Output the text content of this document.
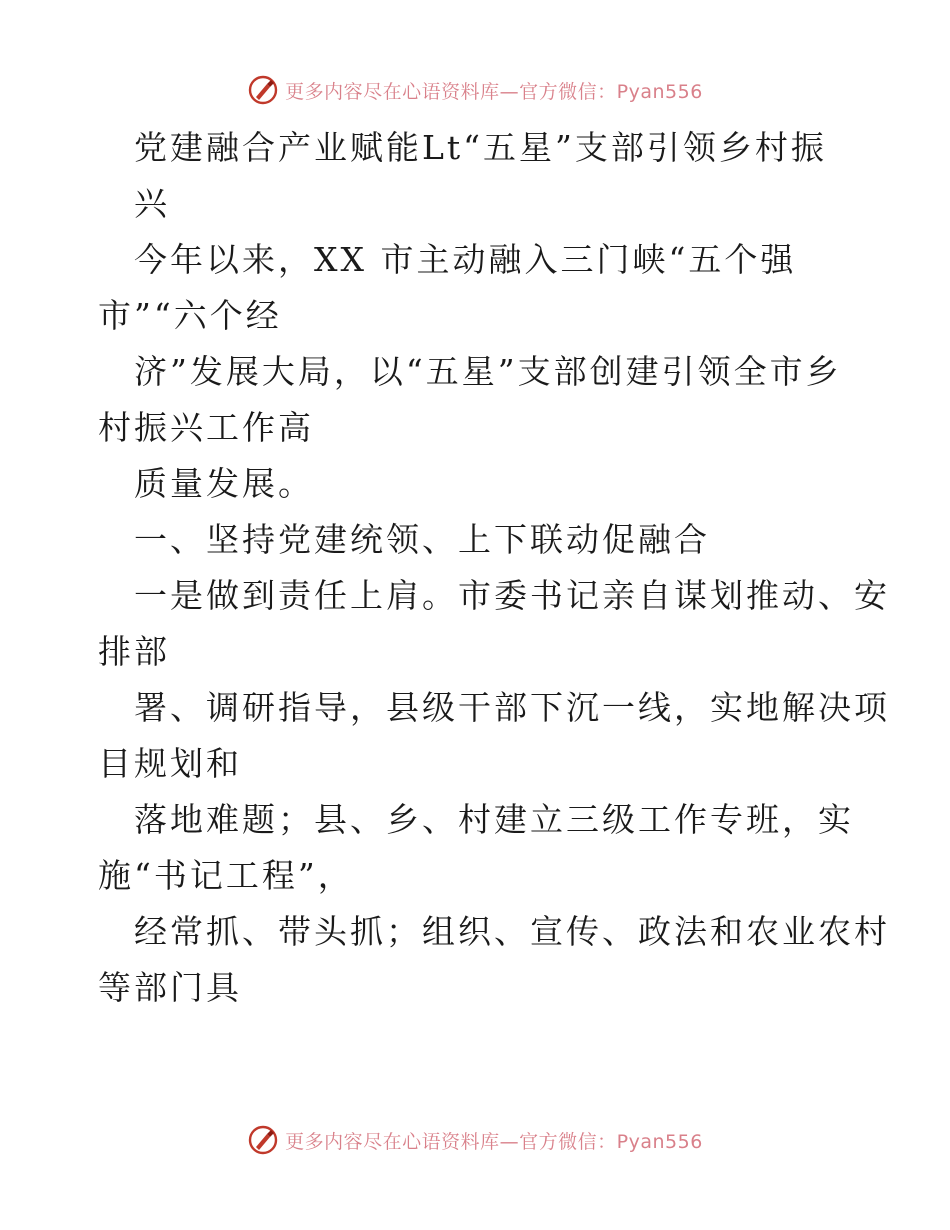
更多内容尽在心语资料库—官方微信：Pyan556
党建融合产业赋能Lt“五星”支部引领乡村振
兴
今年以来，XX 市主动融入三门峡“五个强
市”“六个经
济”发展大局，以“五星”支部创建引领全市乡
村振兴工作高
质量发展。
一、坚持党建统领、上下联动促融合
一是做到责任上肩。市委书记亲自谋划推动、安
排部
署、调研指导，县级干部下沉一线，实地解决项
目规划和
落地难题；县、乡、村建立三级工作专班，实
施“书记工程”，
经常抓、带头抓；组织、宣传、政法和农业农村
等部门具
更多内容尽在心语资料库—官方微信：Pyan556
